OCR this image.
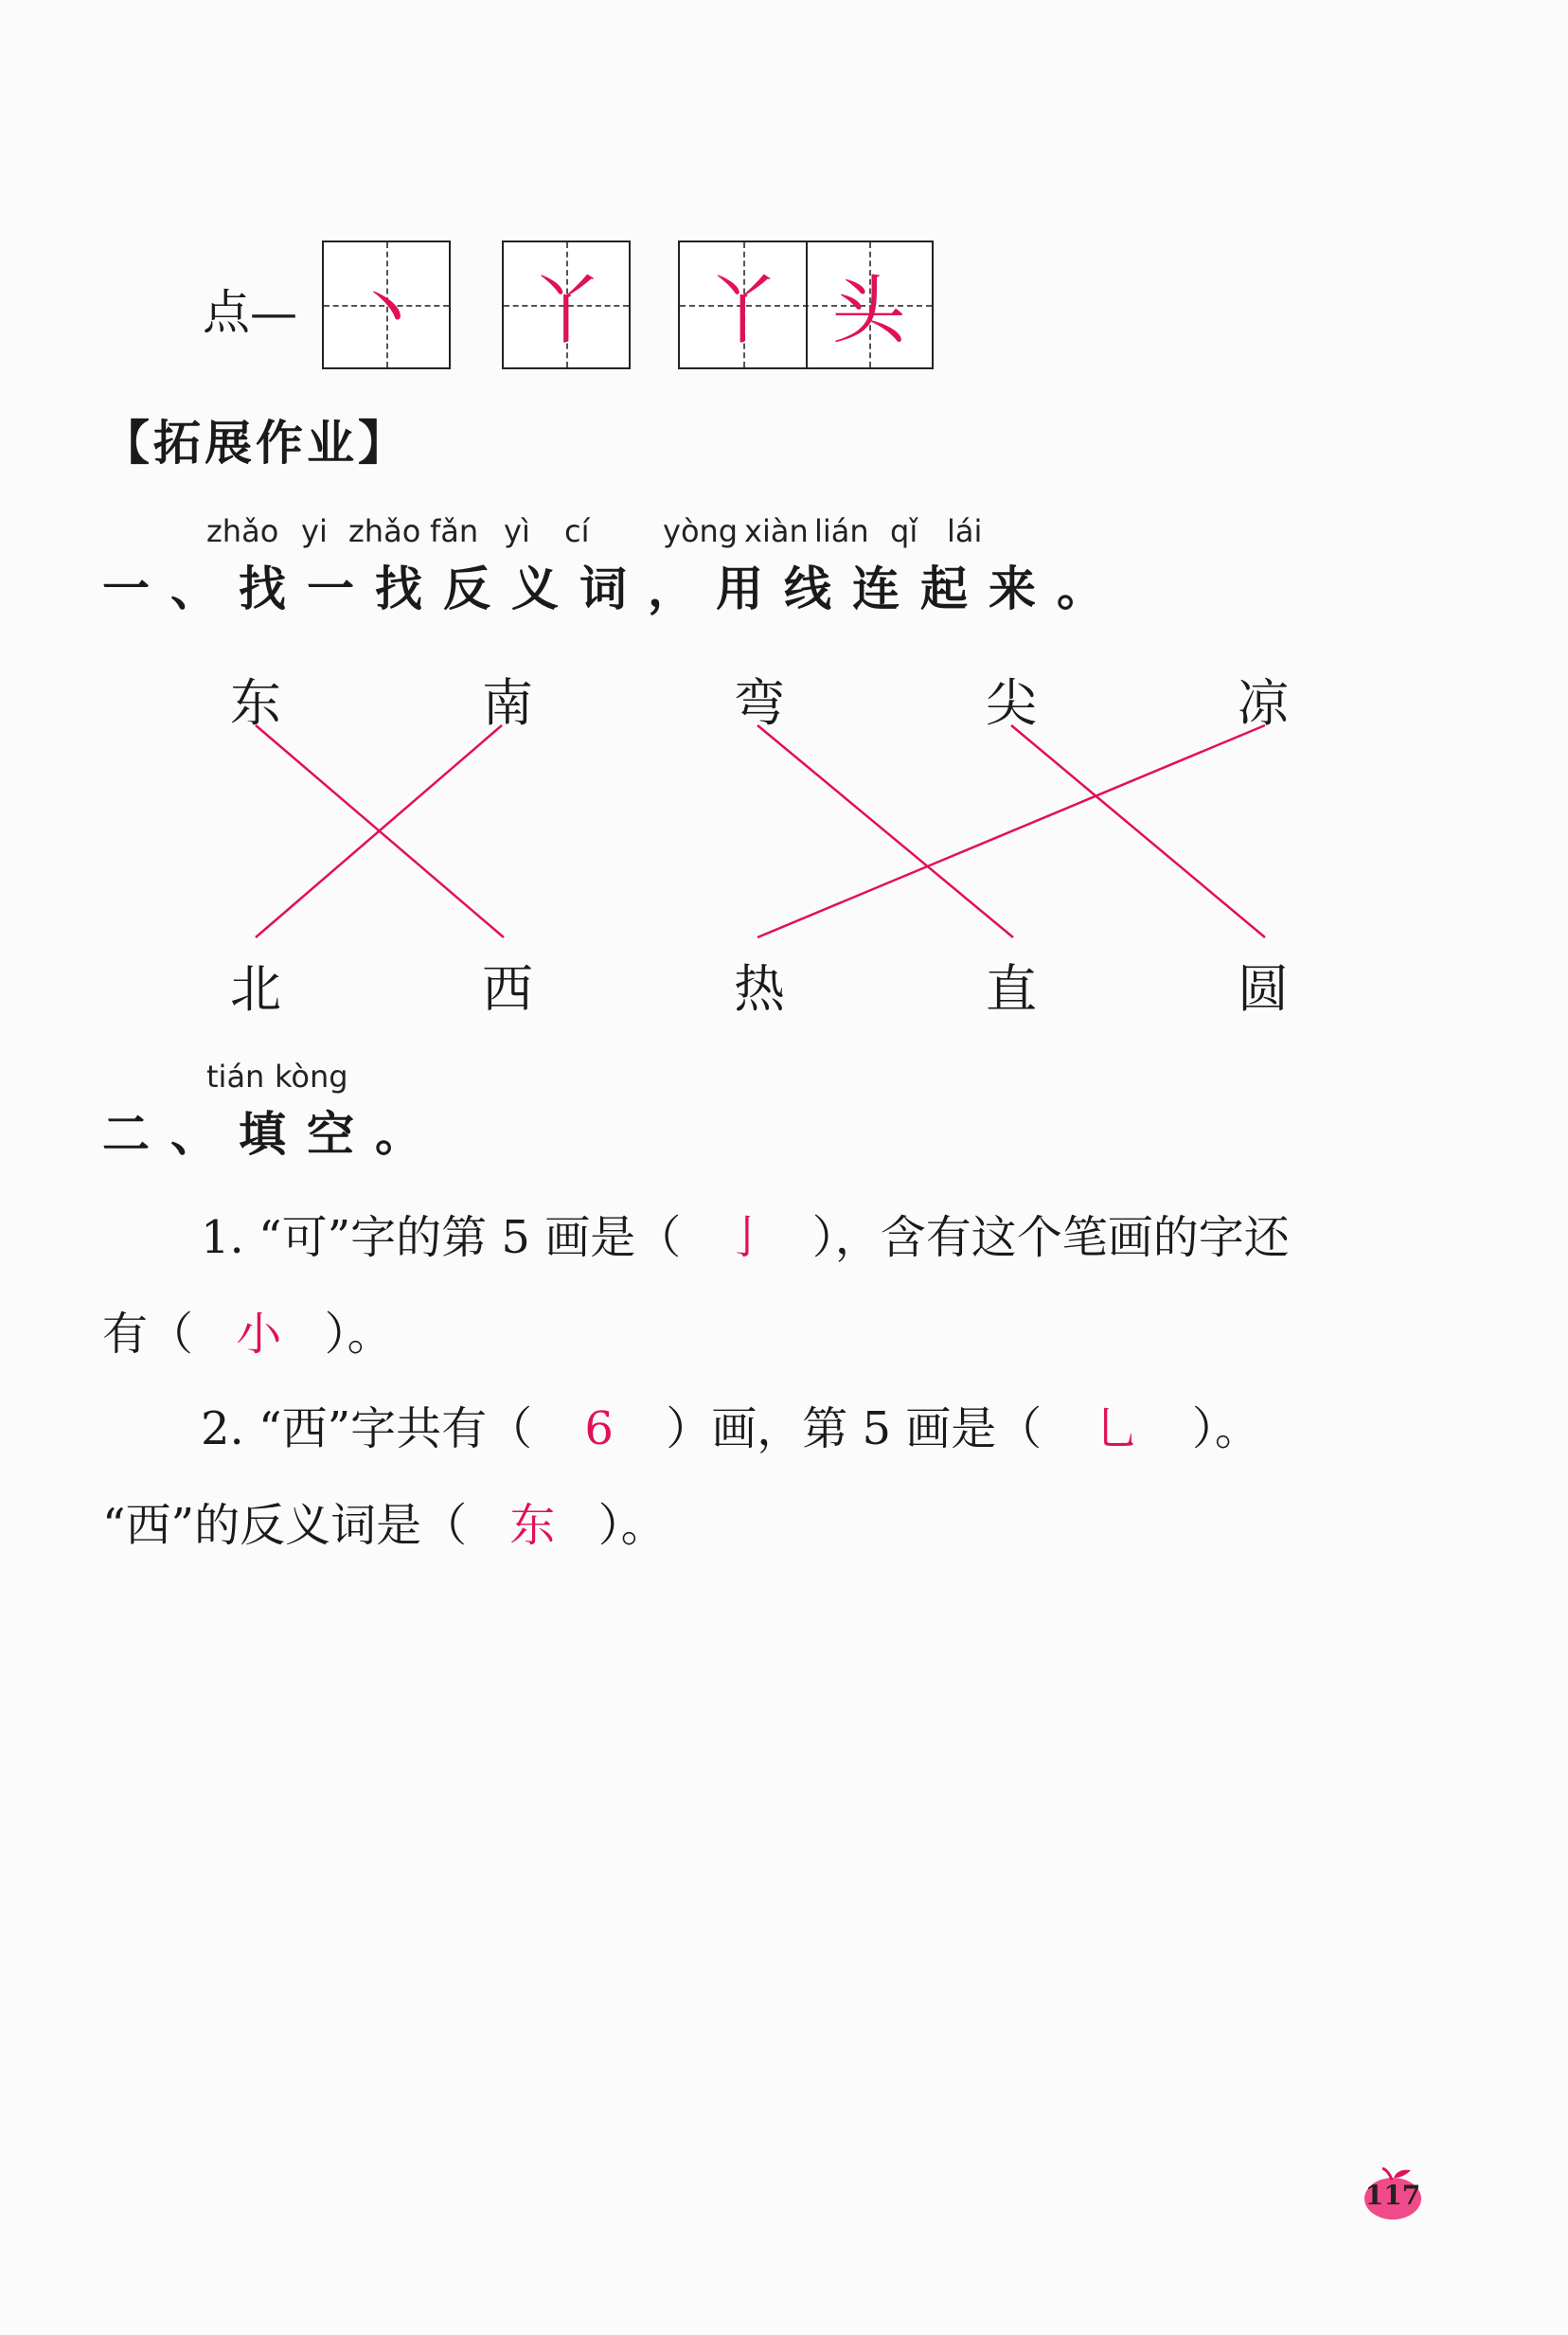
点— 丶	丫	丫 头
【拓展作业】
zhǎo yi zhǎo fǎn yì cí yòng xiàn lián qǐ lái
一、找一找反义词，用线连起来。
东	南	弯	尖	凉
北	西	热	直	圆
tián kòng
二、填空。
1. “可”字的第 5 画是（ 亅 ），含有这个笔画的字还
有（ 小 ）。
2. “西”字共有（ 6 ）画，第 5 画是（ 乚 ）。
“西”的反义词是（ 东 ）。
117
